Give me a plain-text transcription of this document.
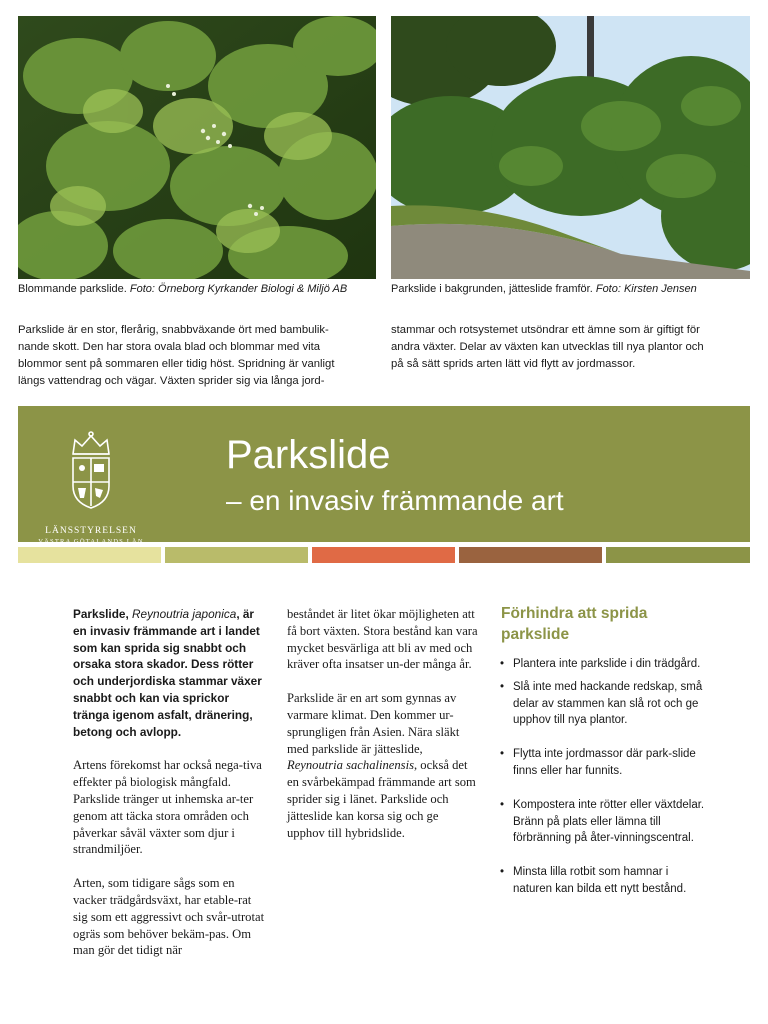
Blommande parkslide. Foto: Örneborg Kyrkander Biologi & Miljö AB	Parkslide i bakgrunden, jätteslide framför. Foto: Kirsten Jensen
Parkslide är en stor, flerårig, snabbväxande ört med bambulik-
nande skott. Den har stora ovala blad och blommar med vita
blommor sent på sommaren eller tidig höst. Spridning är vanligt
längs vattendrag och vägar. Växten sprider sig via långa jord-
stammar och rotsystemet utsöndrar ett ämne som är giftigt för
andra växter. Delar av växten kan utvecklas till nya plantor och
på så sätt sprids arten lätt vid flytt av jordmassor.
LÄNSSTYRELSEN
VÄSTRA GÖTALANDS LÄN
Parkslide
– en invasiv främmande art

Parkslide, Reynoutria japonica, är en invasiv främmande art i landet som kan sprida sig snabbt och orsaka stora skador. Dess rötter och underjordiska stammar växer snabbt och kan via sprickor tränga igenom asfalt, dränering, betong och avlopp.

Artens förekomst har också nega-tiva effekter på biologisk mångfald. Parkslide tränger ut inhemska ar-ter genom att täcka stora områden och påverkar såväl växter som djur i strandmiljöer.

Arten, som tidigare sågs som en vacker trädgårdsväxt, har etable-rat sig som ett aggressivt och svår-utrotat ogräs som behöver bekäm-pas. Om man gör det tidigt när

beståndet är litet ökar möjligheten att få bort växten. Stora bestånd kan vara mycket besvärliga att bli av med och kräver ofta insatser un-der många år.

Parkslide är en art som gynnas av varmare klimat. Den kommer ur-sprungligen från Asien. Nära släkt med parkslide är jätteslide, Reynoutria sachalinensis, också det en svårbekämpad främmande art som sprider sig i länet. Parkslide och jätteslide kan korsa sig och ge upphov till hybridslide.

Förhindra att sprida parkslide
• Plantera inte parkslide i din trädgård.
• Slå inte med hackande redskap, små delar av stammen kan slå rot och ge upphov till nya plantor.
• Flytta inte jordmassor där park-slide finns eller har funnits.
• Kompostera inte rötter eller växtdelar. Bränn på plats eller lämna till förbränning på åter-vinningscentral.
• Minsta lilla rotbit som hamnar i naturen kan bilda ett nytt bestånd.
